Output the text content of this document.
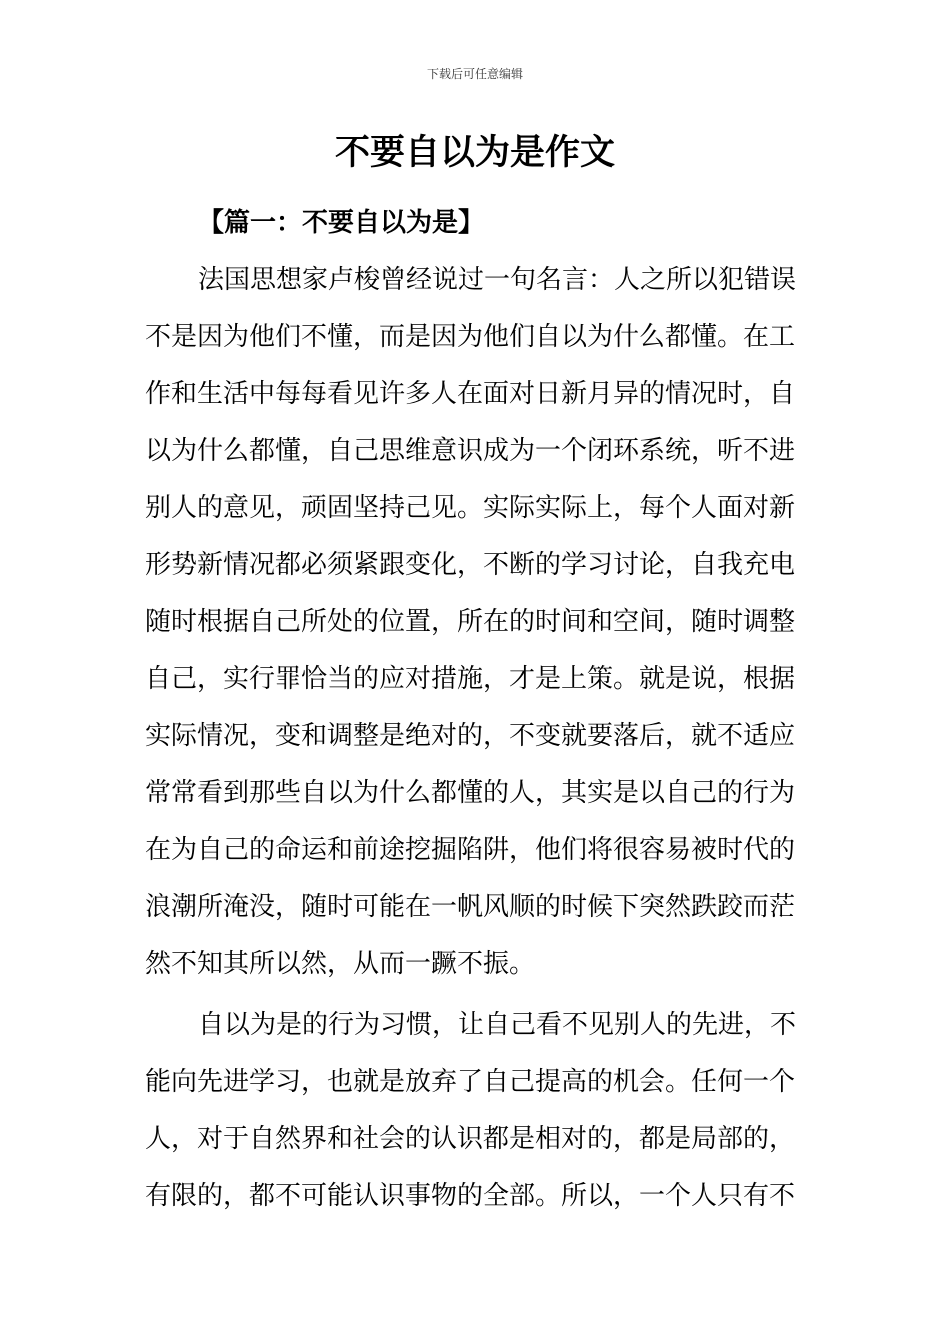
下载后可任意编辑
不要自以为是作文
【篇一：不要自以为是】

法国思想家卢梭曾经说过一句名言：人之所以犯错误
不是因为他们不懂，而是因为他们自以为什么都懂。在工
作和生活中每每看见许多人在面对日新月异的情况时，自
以为什么都懂，自己思维意识成为一个闭环系统，听不进
别人的意见，顽固坚持己见。实际实际上，每个人面对新
形势新情况都必须紧跟变化，不断的学习讨论，自我充电
随时根据自己所处的位置，所在的时间和空间，随时调整
自己，实行罪恰当的应对措施，才是上策。就是说，根据
实际情况，变和调整是绝对的，不变就要落后，就不适应
常常看到那些自以为什么都懂的人，其实是以自己的行为
在为自己的命运和前途挖掘陷阱，他们将很容易被时代的
浪潮所淹没，随时可能在一帆风顺的时候下突然跌跤而茫
然不知其所以然，从而一蹶不振。

自以为是的行为习惯，让自己看不见别人的先进，不
能向先进学习，也就是放弃了自己提高的机会。任何一个
人，对于自然界和社会的认识都是相对的，都是局部的，
有限的，都不可能认识事物的全部。所以，一个人只有不
